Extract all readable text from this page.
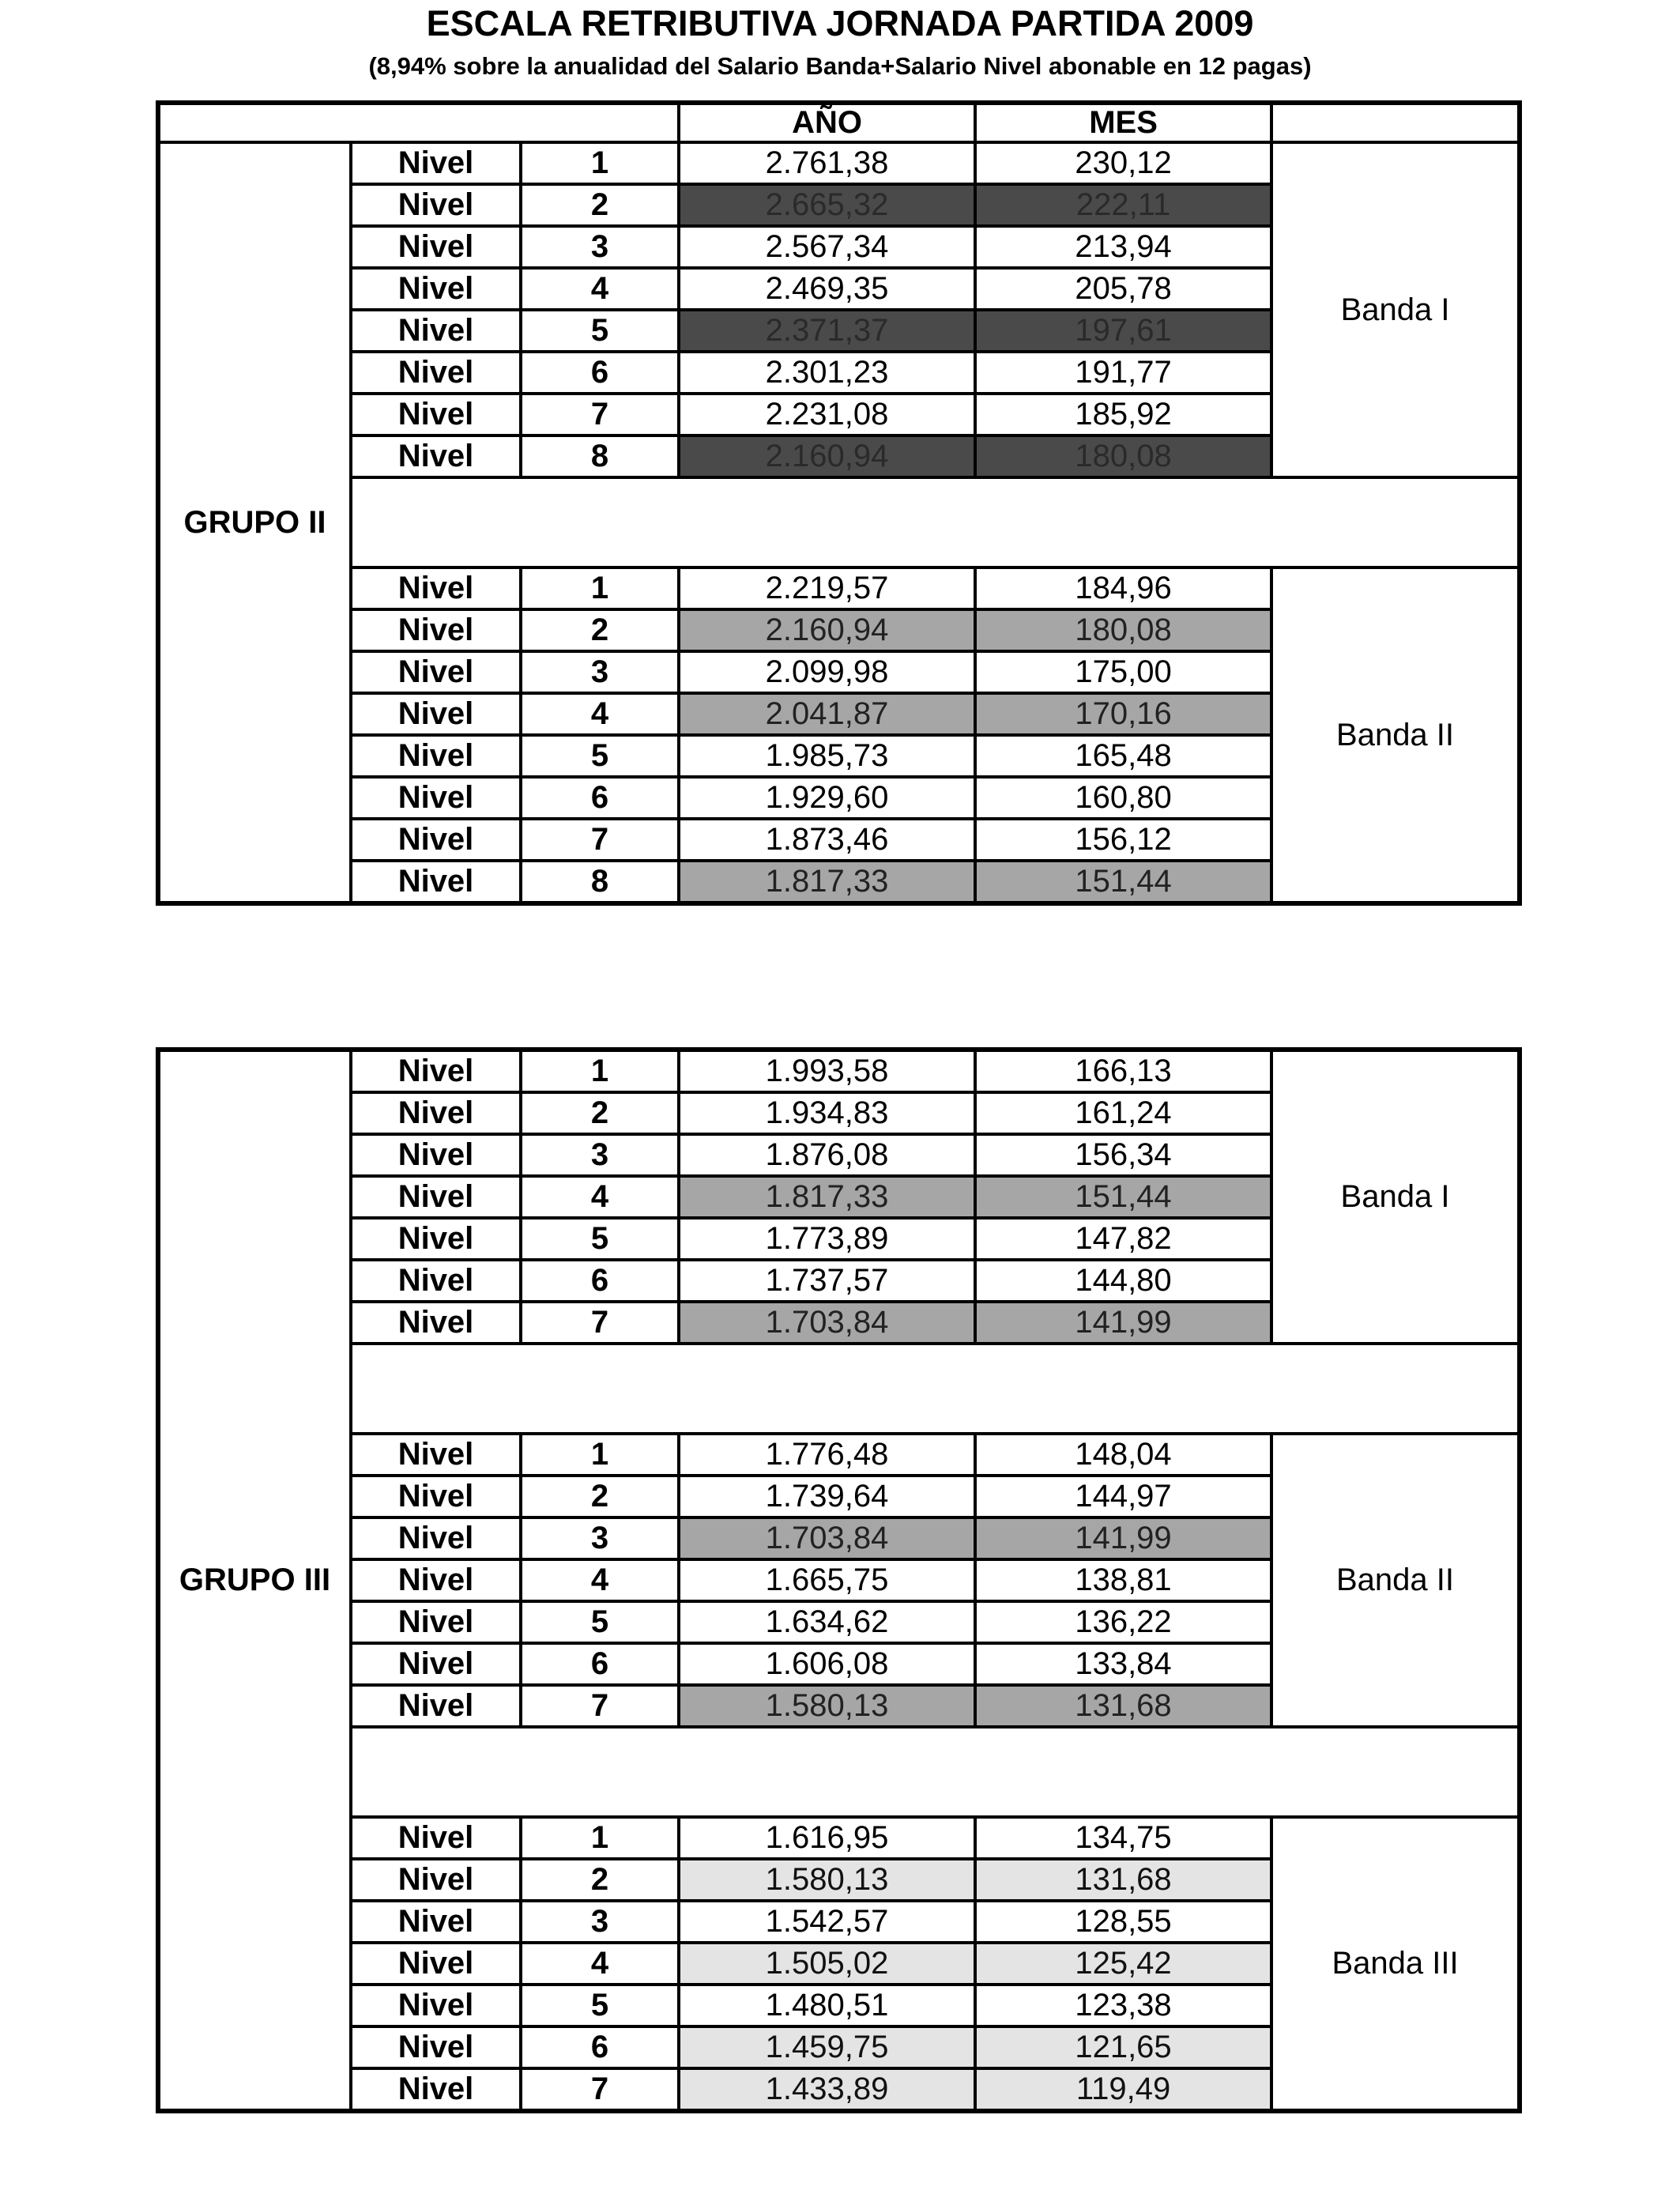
ESCALA RETRIBUTIVA JORNADA PARTIDA 2009

(8,94% sobre la anualidad del Salario Banda+Salario Nivel abonable en 12 pagas)

			AÑO	MES	
GRUPO II	Nivel	1	2.761,38	230,12	Banda I
	Nivel	2	2.665,32	222,11	
	Nivel	3	2.567,34	213,94	
	Nivel	4	2.469,35	205,78	
	Nivel	5	2.371,37	197,61	
	Nivel	6	2.301,23	191,77	
	Nivel	7	2.231,08	185,92	
	Nivel	8	2.160,94	180,08	

	Nivel	1	2.219,57	184,96	Banda II
	Nivel	2	2.160,94	180,08	
	Nivel	3	2.099,98	175,00	
	Nivel	4	2.041,87	170,16	
	Nivel	5	1.985,73	165,48	
	Nivel	6	1.929,60	160,80	
	Nivel	7	1.873,46	156,12	
	Nivel	8	1.817,33	151,44	
GRUPO III	Nivel	1	1.993,58	166,13	Banda I
	Nivel	2	1.934,83	161,24	
	Nivel	3	1.876,08	156,34	
	Nivel	4	1.817,33	151,44	
	Nivel	5	1.773,89	147,82	
	Nivel	6	1.737,57	144,80	
	Nivel	7	1.703,84	141,99	

	Nivel	1	1.776,48	148,04	Banda II
	Nivel	2	1.739,64	144,97	
	Nivel	3	1.703,84	141,99	
	Nivel	4	1.665,75	138,81	
	Nivel	5	1.634,62	136,22	
	Nivel	6	1.606,08	133,84	
	Nivel	7	1.580,13	131,68	

	Nivel	1	1.616,95	134,75	Banda III
	Nivel	2	1.580,13	131,68	
	Nivel	3	1.542,57	128,55	
	Nivel	4	1.505,02	125,42	
	Nivel	5	1.480,51	123,38	
	Nivel	6	1.459,75	121,65	
	Nivel	7	1.433,89	119,49	
